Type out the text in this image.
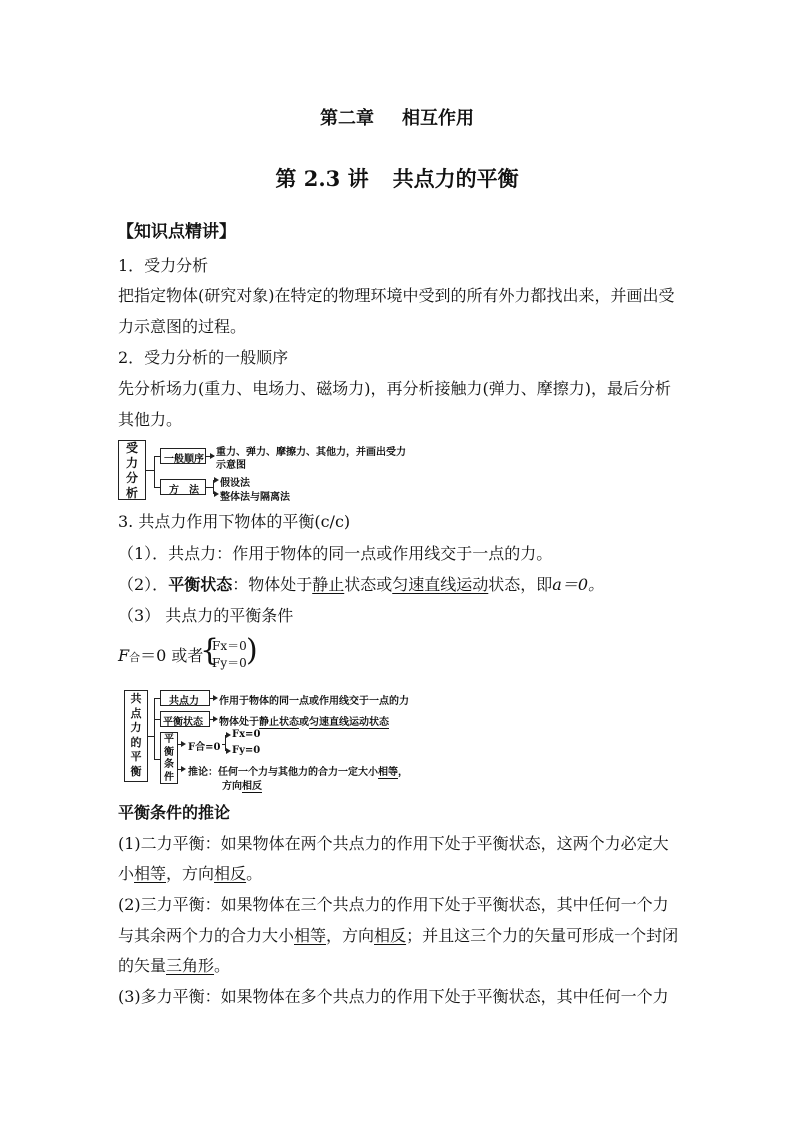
第二章 相互作用
第 2.3 讲 共点力的平衡
【知识点精讲】
1．受力分析
把指定物体(研究对象)在特定的物理环境中受到的所有外力都找出来，并画出受
力示意图的过程。
2．受力分析的一般顺序
先分析场力(重力、电场力、磁场力)，再分析接触力(弹力、摩擦力)，最后分析
其他力。
受
力
分
析
一般顺序
重力、弹力、摩擦力、其他力，并画出受力
示意图
方　法
假设法
整体法与隔离法
3. 共点力作用下物体的平衡(c/c)
（1）．共点力：作用于物体的同一点或作用线交于一点的力。
（2）．平衡状态：物体处于静止状态或匀速直线运动状态，即a＝0。
（3） 共点力的平衡条件
F合＝0 或者
{
Fx＝0
Fy＝0 )
共
点
力
的
平
衡
共点力 作用于物体的同一点或作用线交于一点的力
平衡状态 物体处于静止状态或匀速直线运动状态
平
衡
条
件
F合=0
Fx=0
Fy=0
推论：任何一个力与其他力的合力一定大小相等，
方向相反
平衡条件的推论
(1)二力平衡：如果物体在两个共点力的作用下处于平衡状态，这两个力必定大
小相等，方向相反。
(2)三力平衡：如果物体在三个共点力的作用下处于平衡状态，其中任何一个力
与其余两个力的合力大小相等，方向相反；并且这三个力的矢量可形成一个封闭
的矢量三角形。
(3)多力平衡：如果物体在多个共点力的作用下处于平衡状态，其中任何一个力
